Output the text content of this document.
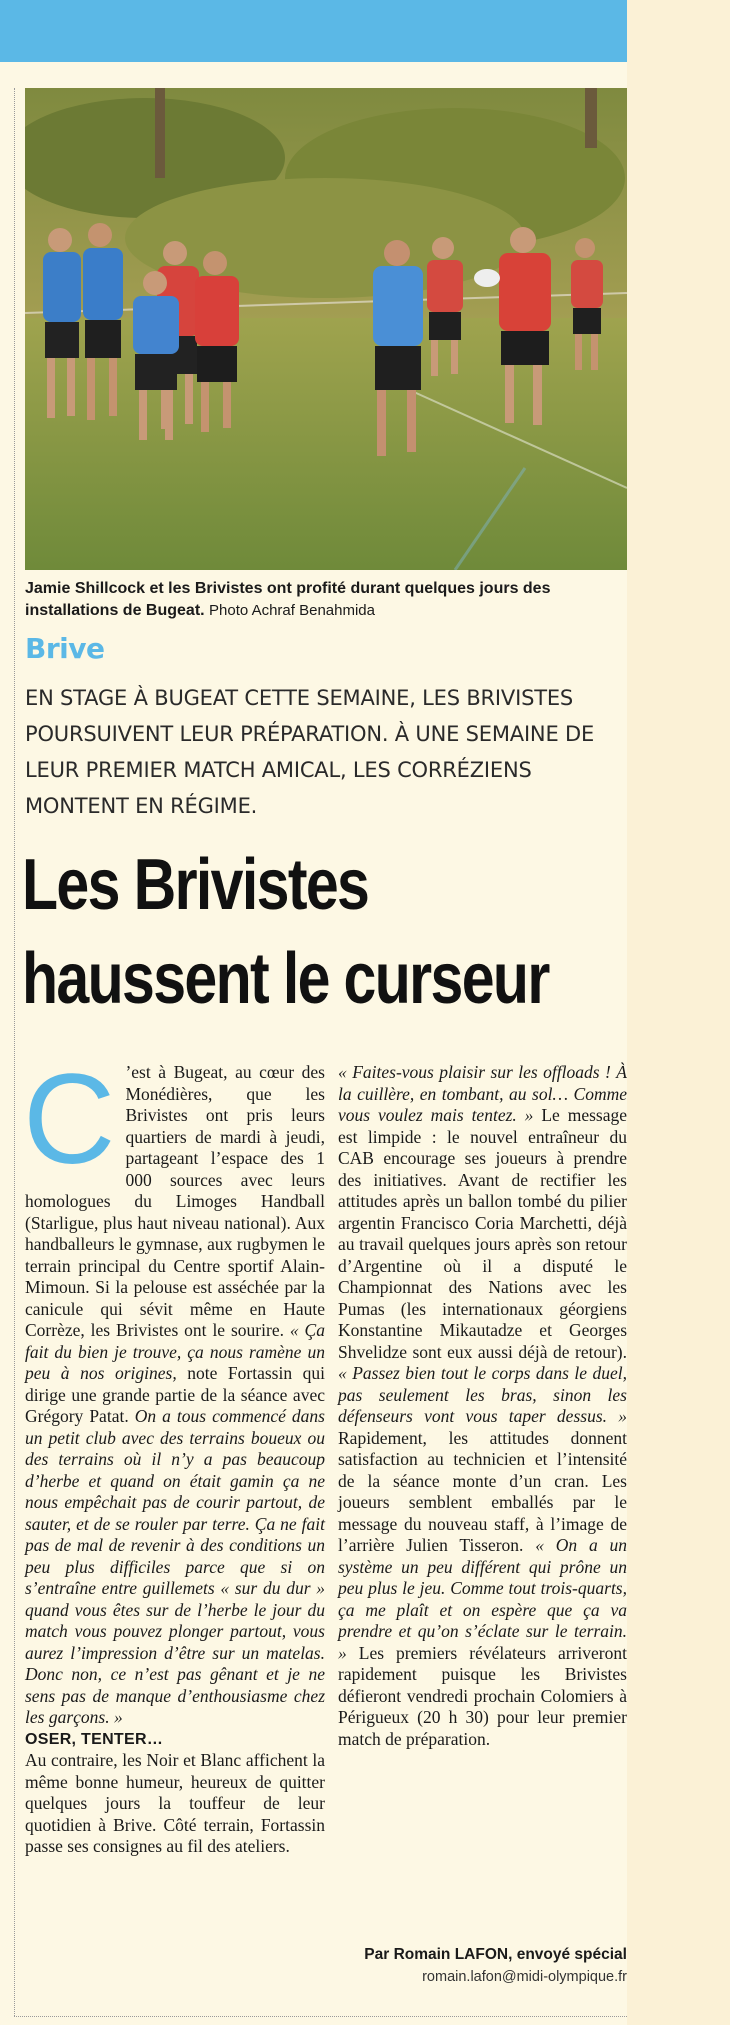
Jamie Shillcock et les Brivistes ont profité durant quelques jours des installations de Bugeat. Photo Achraf Benahmida
Brive
EN STAGE À BUGEAT CETTE SEMAINE, LES BRIVISTES POURSUIVENT LEUR PRÉPARATION. À UNE SEMAINE DE LEUR PREMIER MATCH AMICAL, LES CORRÉZIENS MONTENT EN RÉGIME.
Les Brivistes
haussent le curseur

C ’est à Bugeat, au cœur des Monédières, que les Brivistes ont pris leurs quartiers de mardi à jeudi, partageant l’espace des 1 000 sources avec leurs homologues du Limoges Handball (Starligue, plus haut niveau national). Aux handballeurs le gymnase, aux rugbymen le terrain principal du Centre sportif Alain-Mimoun. Si la pelouse est asséchée par la canicule qui sévit même en Haute Corrèze, les Brivistes ont le sourire. « Ça fait du bien je trouve, ça nous ramène un peu à nos origines, note Fortassin qui dirige une grande partie de la séance avec Grégory Patat. On a tous commencé dans un petit club avec des terrains boueux ou des terrains où il n’y a pas beaucoup d’herbe et quand on était gamin ça ne nous empêchait pas de courir partout, de sauter, et de se rouler par terre. Ça ne fait pas de mal de revenir à des conditions un peu plus difficiles parce que si on s’entraîne entre guillemets « sur du dur » quand vous êtes sur de l’herbe le jour du match vous pouvez plonger partout, vous aurez l’impression d’être sur un matelas. Donc non, ce n’est pas gênant et je ne sens pas de manque d’enthousiasme chez les garçons. »

OSER, TENTER…

Au contraire, les Noir et Blanc affichent la même bonne humeur, heureux de quitter quelques jours la touffeur de leur quotidien à Brive. Côté terrain, Fortassin passe ses consignes au fil des ateliers.

« Faites-vous plaisir sur les offloads ! À la cuillère, en tombant, au sol… Comme vous voulez mais tentez. » Le message est limpide : le nouvel entraîneur du CAB encourage ses joueurs à prendre des initiatives. Avant de rectifier les attitudes après un ballon tombé du pilier argentin Francisco Coria Marchetti, déjà au travail quelques jours après son retour d’Argentine où il a disputé le Championnat des Nations avec les Pumas (les internationaux géorgiens Konstantine Mikautadze et Georges Shvelidze sont eux aussi déjà de retour). « Passez bien tout le corps dans le duel, pas seulement les bras, sinon les défenseurs vont vous taper dessus. » Rapidement, les attitudes donnent satisfaction au technicien et l’intensité de la séance monte d’un cran. Les joueurs semblent emballés par le message du nouveau staff, à l’image de l’arrière Julien Tisseron. « On a un système un peu différent qui prône un peu plus le jeu. Comme tout trois-quarts, ça me plaît et on espère que ça va prendre et qu’on s’éclate sur le terrain. » Les premiers révélateurs arriveront rapidement puisque les Brivistes défieront vendredi prochain Colomiers à Périgueux (20 h 30) pour leur premier match de préparation.

Par Romain LAFON, envoyé spécial
romain.lafon@midi-olympique.fr
